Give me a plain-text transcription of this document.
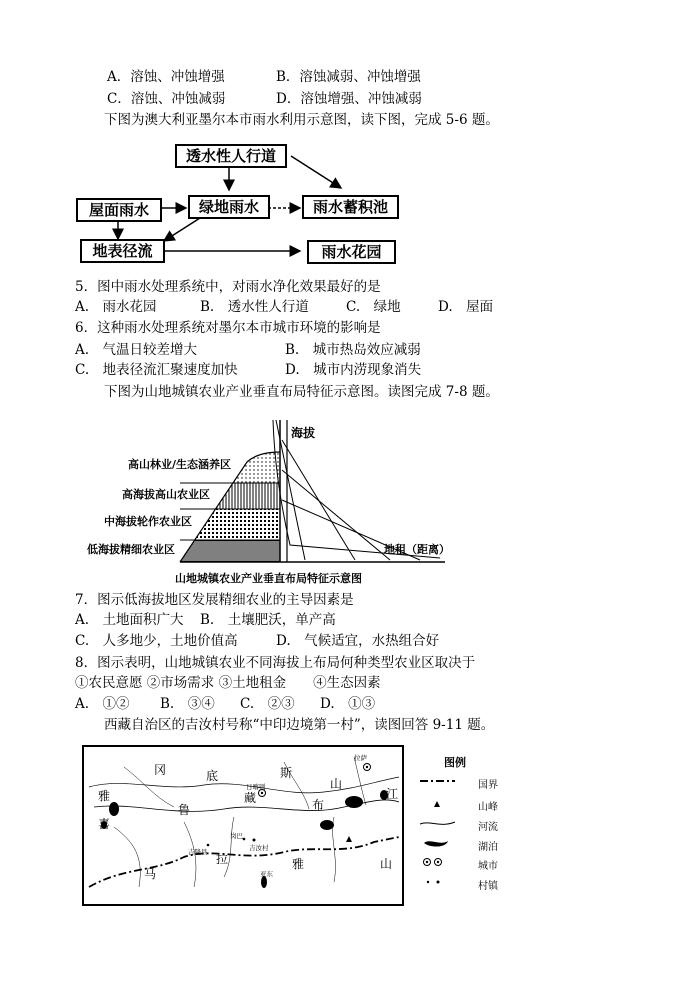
A．溶蚀、冲蚀增强	B．溶蚀减弱、冲蚀增强
C．溶蚀、冲蚀减弱	D．溶蚀增强、冲蚀减弱
下图为澳大利亚墨尔本市雨水利用示意图，读下图，完成 5-6 题。
透水性人行道
屋面雨水	绿地雨水	雨水蓄积池
地表径流	雨水花园
5．图中雨水处理系统中，对雨水净化效果最好的是
A.　雨水花园	B.　透水性人行道	C.　绿地	D.　屋面
6．这种雨水处理系统对墨尔本市城市环境的影响是
A.　气温日较差增大	B.　城市热岛效应减弱
C.　地表径流汇聚速度加快	D.　城市内涝现象消失
下图为山地城镇农业产业垂直布局特征示意图。读图完成 7-8 题。
海拔
地租（距离）
高山林业/生态涵养区
高海拔高山农业区
中海拔轮作农业区
低海拔精细农业区
山地城镇农业产业垂直布局特征示意图
7．图示低海拔地区发展精细农业的主导因素是
A.　土地面积广大 B.　土壤肥沃，单产高
C.　人多地少，土地价值高	D.　气候适宜，水热组合好
8．图示表明，山地城镇农业不同海拔上布局何种类型农业区取决于
①农民意愿 ②市场需求 ③土地租金　　④生态因素
A.　①② B.　③④ C.　②③ D.　①③
西藏自治区的吉汝村号称“中印边境第一村”，读图回答 9-11 题。
冈	底	斯
山
雅
鲁
藏	布
江
喜
马
拉	雅	山
拉萨
日喀则
吉汝村
岗巴
吉隆县
亚东
图例
国界
山峰
河流
湖泊
城市
村镇
